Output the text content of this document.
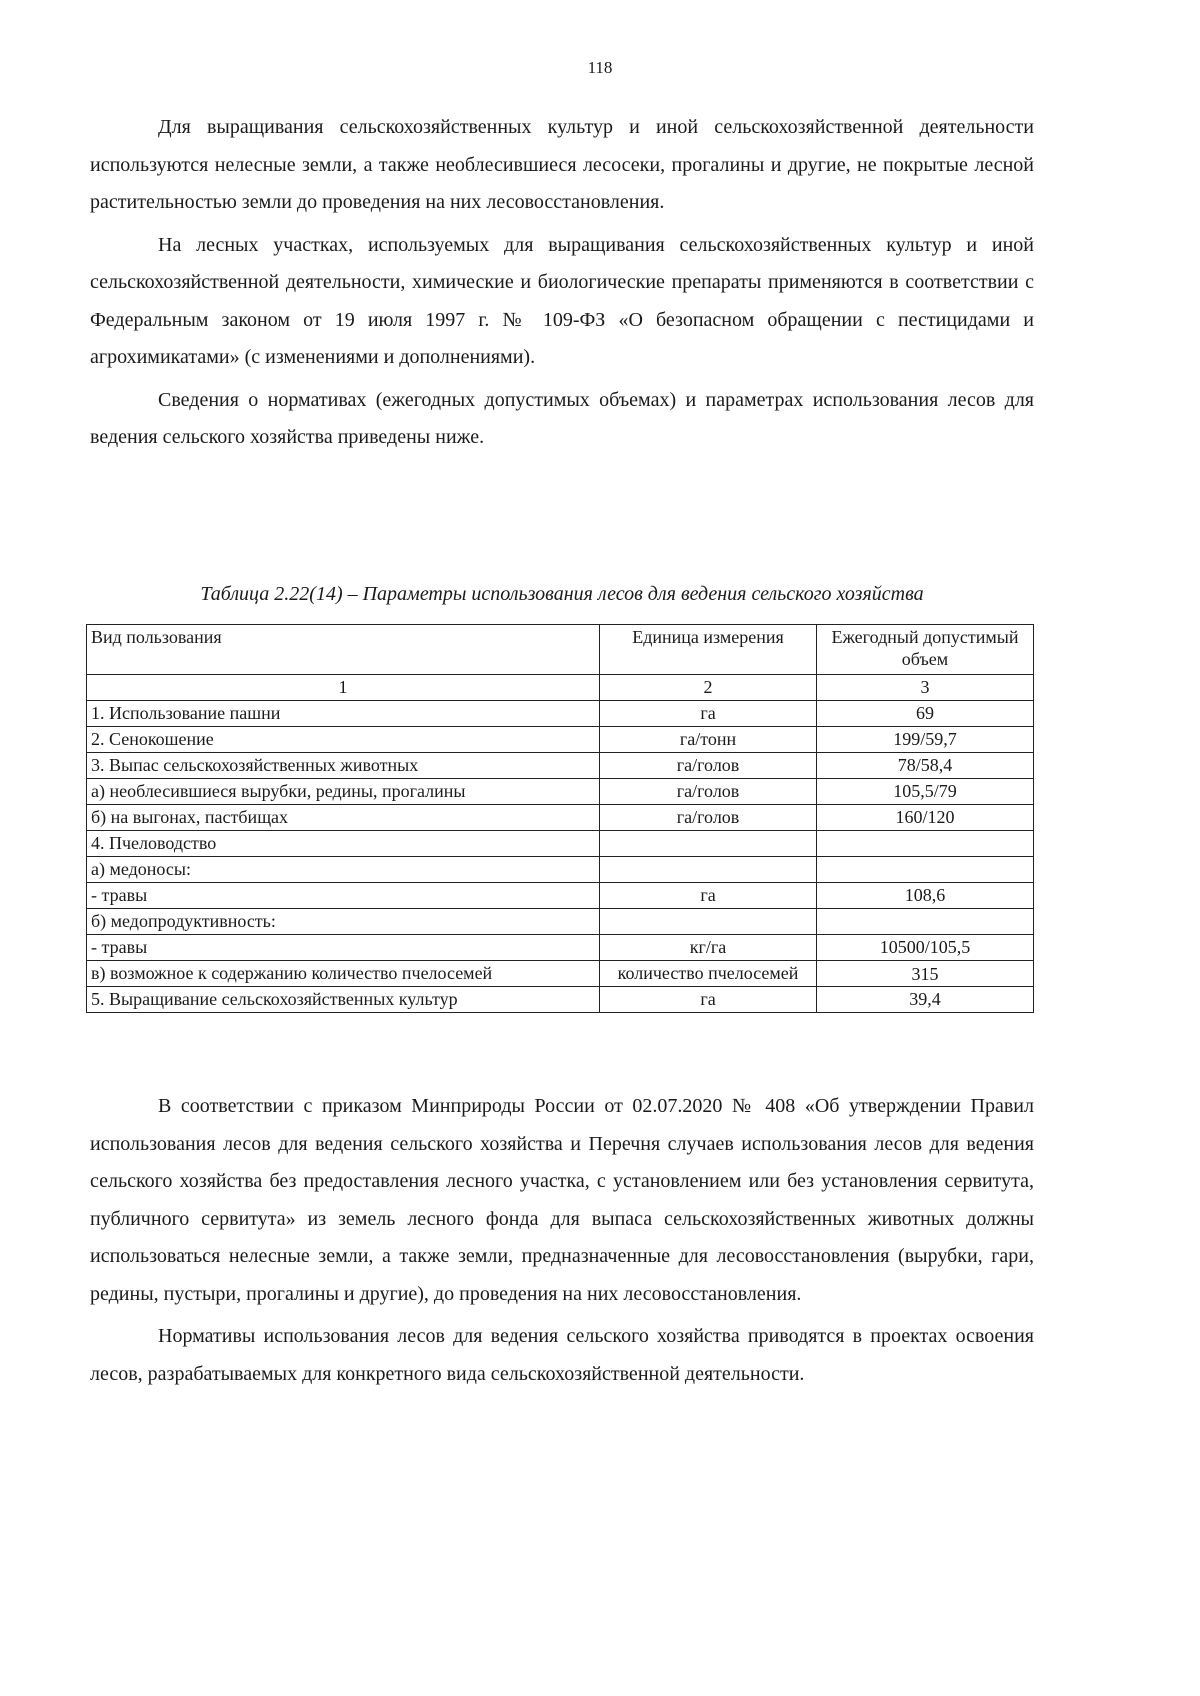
118

Для выращивания сельскохозяйственных культур и иной сельскохозяйственной деятельности используются нелесные земли, а также необлесившиеся лесосеки, прогалины и другие, не покрытые лесной растительностью земли до проведения на них лесовосстановления.

На лесных участках, используемых для выращивания сельскохозяйственных культур и иной сельскохозяйственной деятельности, химические и биологические препараты применяются в соответствии с Федеральным законом от 19 июля 1997 г. № 109-ФЗ «О безопасном обращении с пестицидами и агрохимикатами» (с изменениями и дополнениями).

Сведения о нормативах (ежегодных допустимых объемах) и параметрах использования лесов для ведения сельского хозяйства приведены ниже.

Таблица 2.22(14) – Параметры использования лесов для ведения сельского хозяйства
Вид пользования	Единица измерения	Ежегодный допустимый объем
1	2	3
1. Использование пашни	га	69
2. Сенокошение	га/тонн	199/59,7
3. Выпас сельскохозяйственных животных	га/голов	78/58,4
а) необлесившиеся вырубки, редины, прогалины	га/голов	105,5/79
б) на выгонах, пастбищах	га/голов	160/120
4. Пчеловодство		
а) медоносы:		
- травы	га	108,6
б) медопродуктивность:		
- травы	кг/га	10500/105,5
в) возможное к содержанию количество пчелосемей	количество пчелосемей	315
5. Выращивание сельскохозяйственных культур	га	39,4

В соответствии с приказом Минприроды России от 02.07.2020 № 408 «Об утверждении Правил использования лесов для ведения сельского хозяйства и Перечня случаев использования лесов для ведения сельского хозяйства без предоставления лесного участка, с установлением или без установления сервитута, публичного сервитута» из земель лесного фонда для выпаса сельскохозяйственных животных должны использоваться нелесные земли, а также земли, предназначенные для лесовосстановления (вырубки, гари, редины, пустыри, прогалины и другие), до проведения на них лесовосстановления.

Нормативы использования лесов для ведения сельского хозяйства приводятся в проектах освоения лесов, разрабатываемых для конкретного вида сельскохозяйственной деятельности.
